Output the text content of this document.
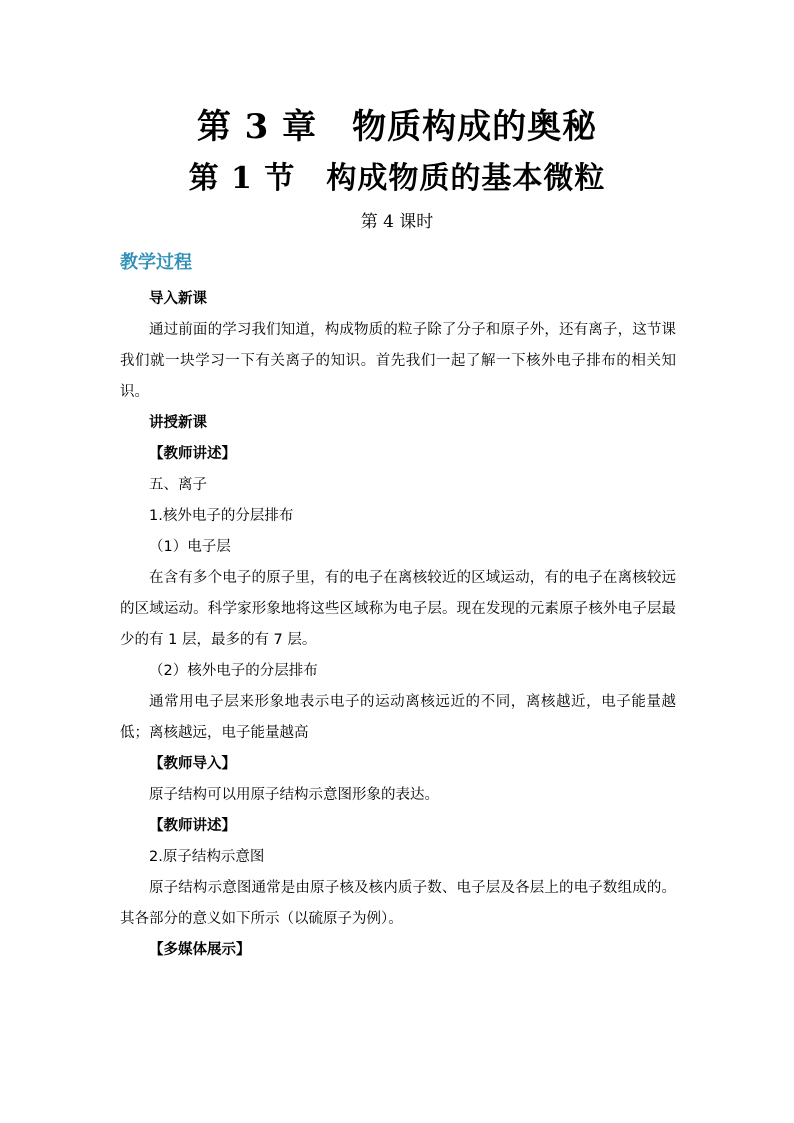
第 3 章　物质构成的奥秘
第 1 节　构成物质的基本微粒
第 4 课时
教学过程

导入新课

通过前面的学习我们知道，构成物质的粒子除了分子和原子外，还有离子，这节课我们就一块学习一下有关离子的知识。首先我们一起了解一下核外电子排布的相关知识。

讲授新课

【教师讲述】

五、离子

1.核外电子的分层排布

（1）电子层

在含有多个电子的原子里，有的电子在离核较近的区域运动，有的电子在离核较远的区域运动。科学家形象地将这些区域称为电子层。现在发现的元素原子核外电子层最少的有 1 层，最多的有 7 层。

（2）核外电子的分层排布

通常用电子层来形象地表示电子的运动离核远近的不同，离核越近，电子能量越低；离核越远，电子能量越高

【教师导入】

原子结构可以用原子结构示意图形象的表达。

【教师讲述】

2.原子结构示意图

原子结构示意图通常是由原子核及核内质子数、电子层及各层上的电子数组成的。其各部分的意义如下所示（以硫原子为例）。

【多媒体展示】
